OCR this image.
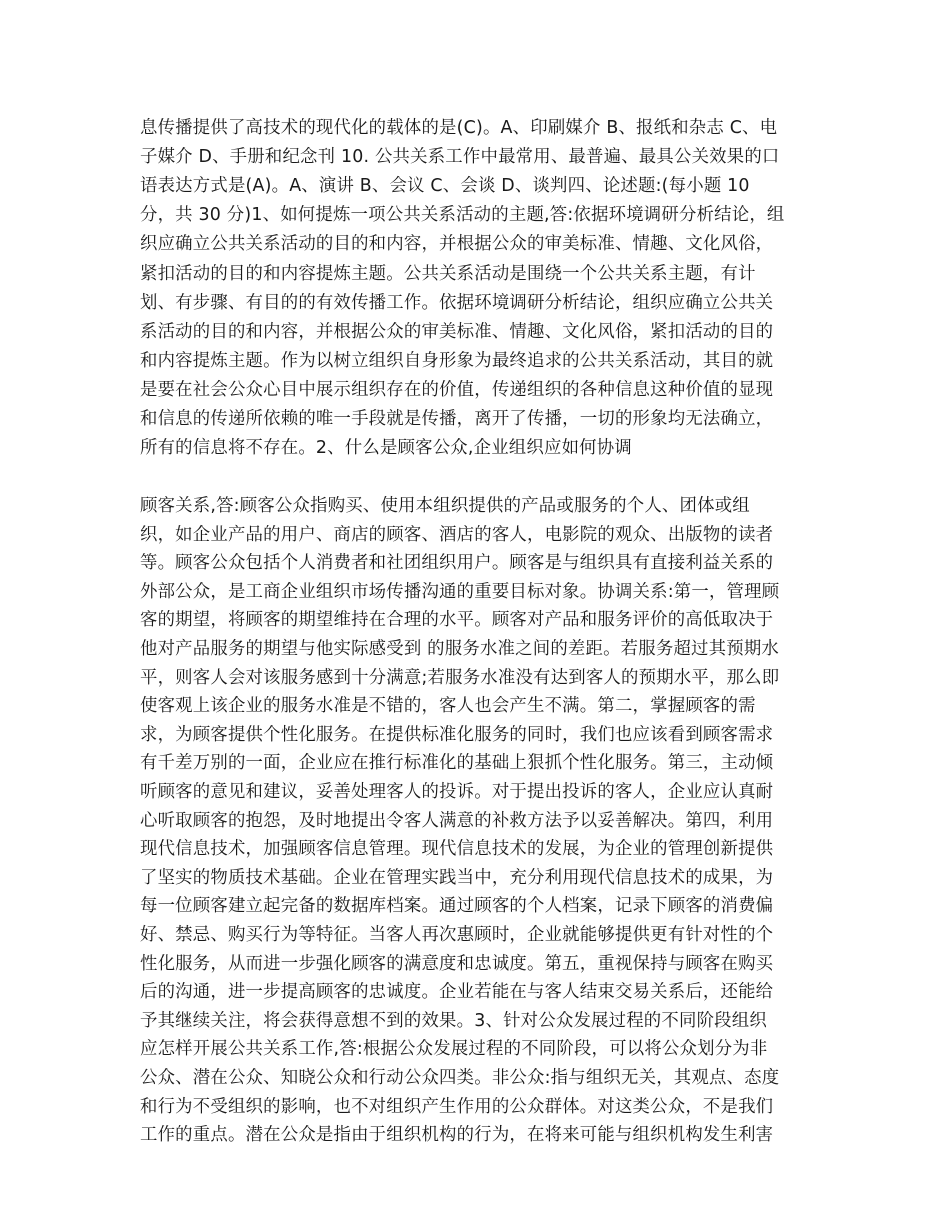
息传播提供了高技术的现代化的载体的是(C)。A、印刷媒介 B、报纸和杂志 C、电
子媒介 D、手册和纪念刊 10. 公共关系工作中最常用、最普遍、最具公关效果的口
语表达方式是(A)。A、演讲 B、会议 C、会谈 D、谈判四、论述题:(每小题 10
分，共 30 分)1、如何提炼一项公共关系活动的主题,答:依据环境调研分析结论，组
织应确立公共关系活动的目的和内容，并根据公众的审美标准、情趣、文化风俗，
紧扣活动的目的和内容提炼主题。公共关系活动是围绕一个公共关系主题，有计
划、有步骤、有目的的有效传播工作。依据环境调研分析结论，组织应确立公共关
系活动的目的和内容，并根据公众的审美标准、情趣、文化风俗，紧扣活动的目的
和内容提炼主题。作为以树立组织自身形象为最终追求的公共关系活动，其目的就
是要在社会公众心目中展示组织存在的价值，传递组织的各种信息这种价值的显现
和信息的传递所依赖的唯一手段就是传播，离开了传播，一切的形象均无法确立，
所有的信息将不存在。2、什么是顾客公众,企业组织应如何协调
顾客关系,答:顾客公众指购买、使用本组织提供的产品或服务的个人、团体或组
织，如企业产品的用户、商店的顾客、酒店的客人，电影院的观众、出版物的读者
等。顾客公众包括个人消费者和社团组织用户。顾客是与组织具有直接利益关系的
外部公众，是工商企业组织市场传播沟通的重要目标对象。协调关系:第一，管理顾
客的期望，将顾客的期望维持在合理的水平。顾客对产品和服务评价的高低取决于
他对产品服务的期望与他实际感受到 的服务水准之间的差距。若服务超过其预期水
平，则客人会对该服务感到十分满意;若服务水准没有达到客人的预期水平，那么即
使客观上该企业的服务水准是不错的，客人也会产生不满。第二，掌握顾客的需
求，为顾客提供个性化服务。在提供标准化服务的同时，我们也应该看到顾客需求
有千差万别的一面，企业应在推行标准化的基础上狠抓个性化服务。第三，主动倾
听顾客的意见和建议，妥善处理客人的投诉。对于提出投诉的客人，企业应认真耐
心听取顾客的抱怨，及时地提出令客人满意的补救方法予以妥善解决。第四，利用
现代信息技术，加强顾客信息管理。现代信息技术的发展，为企业的管理创新提供
了坚实的物质技术基础。企业在管理实践当中，充分利用现代信息技术的成果，为
每一位顾客建立起完备的数据库档案。通过顾客的个人档案，记录下顾客的消费偏
好、禁忌、购买行为等特征。当客人再次惠顾时，企业就能够提供更有针对性的个
性化服务，从而进一步强化顾客的满意度和忠诚度。第五，重视保持与顾客在购买
后的沟通，进一步提高顾客的忠诚度。企业若能在与客人结束交易关系后，还能给
予其继续关注，将会获得意想不到的效果。3、针对公众发展过程的不同阶段组织
应怎样开展公共关系工作,答:根据公众发展过程的不同阶段，可以将公众划分为非
公众、潜在公众、知晓公众和行动公众四类。非公众:指与组织无关，其观点、态度
和行为不受组织的影响，也不对组织产生作用的公众群体。对这类公众，不是我们
工作的重点。潜在公众是指由于组织机构的行为，在将来可能与组织机构发生利害
